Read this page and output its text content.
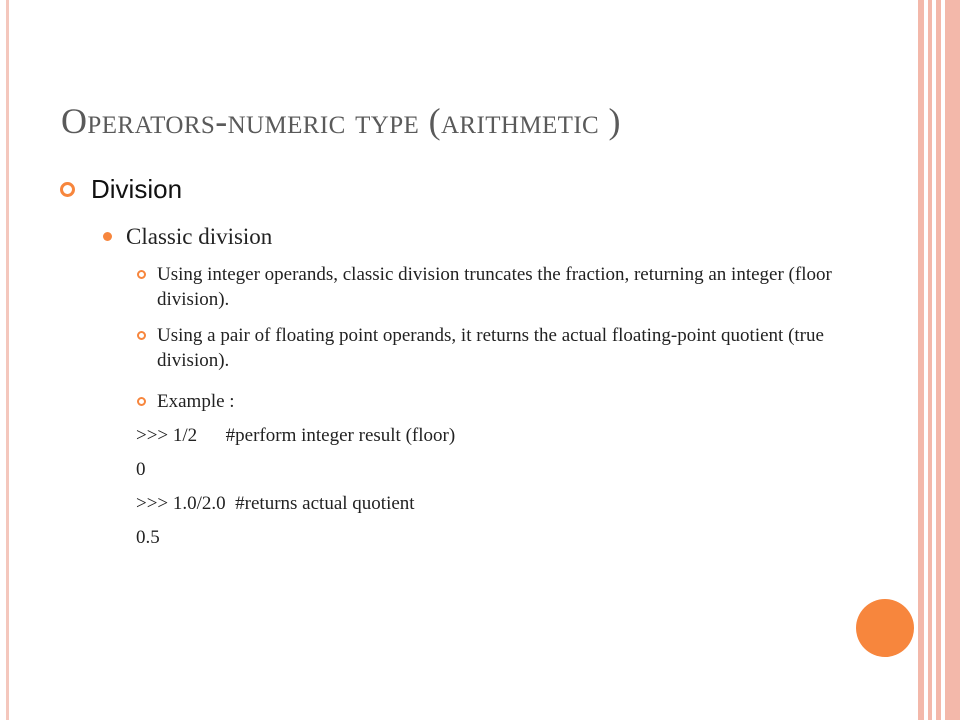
Operators-numeric type (arithmetic )
Division
Classic division
Using integer operands, classic division truncates the fraction, returning an integer (floor division).
Using a pair of floating point operands, it returns the actual floating-point quotient (true division).
Example :
>>> 1/2      #perform integer result (floor)
0
>>> 1.0/2.0  #returns actual quotient
0.5
